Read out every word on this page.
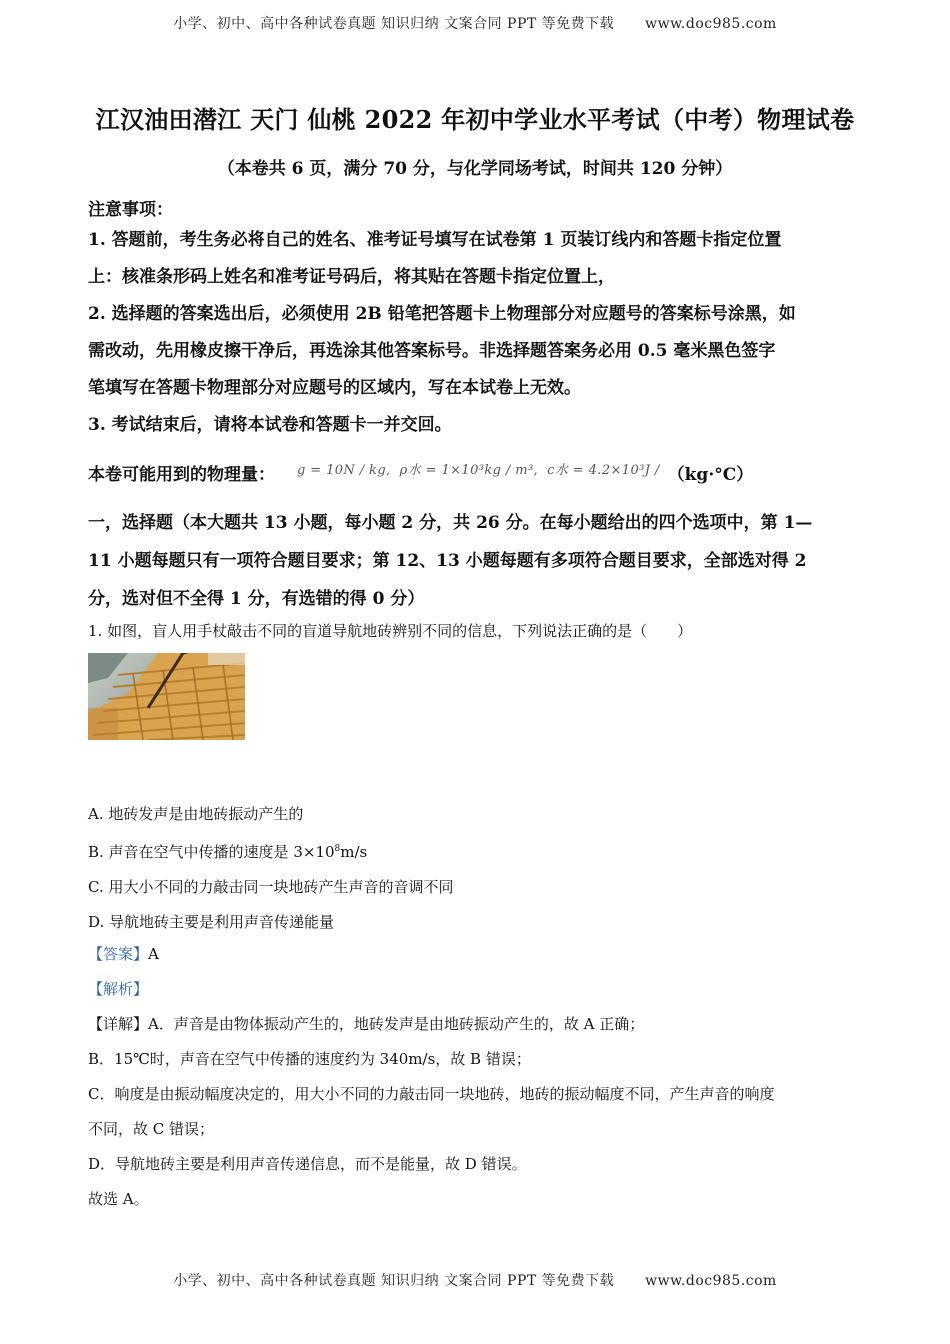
小学、初中、高中各种试卷真题 知识归纳 文案合同 PPT 等免费下载 www.doc985.com
江汉油田潜江 天门 仙桃 2022 年初中学业水平考试（中考）物理试卷
（本卷共 6 页，满分 70 分，与化学同场考试，时间共 120 分钟）
注意事项：

1. 答题前，考生务必将自己的姓名、准考证号填写在试卷第 1 页装订线内和答题卡指定位置

上：核准条形码上姓名和准考证号码后，将其贴在答题卡指定位置上，

2. 选择题的答案选出后，必须使用 2B 铅笔把答题卡上物理部分对应题号的答案标号涂黑，如

需改动，先用橡皮擦干净后，再选涂其他答案标号。非选择题答案务必用 0.5 毫米黑色签字

笔填写在答题卡物理部分对应题号的区域内，写在本试卷上无效。

3. 考试结束后，请将本试卷和答题卡一并交回。

本卷可能用到的物理量： g = 10N / kg, ρ水 = 1×10³kg / m³, c水 = 4.2×10³J / （kg·°C）

一，选择题（本大题共 13 小题，每小题 2 分，共 26 分。在每小题给出的四个选项中，第 1—

11 小题每题只有一项符合题目要求；第 12、13 小题每题有多项符合题目要求，全部选对得 2

分，选对但不全得 1 分，有选错的得 0 分）

1. 如图，盲人用手杖敲击不同的盲道导航地砖辨别不同的信息，下列说法正确的是（　　）

A. 地砖发声是由地砖振动产生的

B. 声音在空气中传播的速度是 $3\times 10^8m/s$

C. 用大小不同的力敲击同一块地砖产生声音的音调不同

D. 导航地砖主要是利用声音传递能量

【答案】A

【解析】

【详解】A．声音是由物体振动产生的，地砖发声是由地砖振动产生的，故 A 正确；

B．15℃时，声音在空气中传播的速度约为 340m/s，故 B 错误；

C．响度是由振动幅度决定的，用大小不同的力敲击同一块地砖，地砖的振动幅度不同，产生声音的响度

不同，故 C 错误；

D．导航地砖主要是利用声音传递信息，而不是能量，故 D 错误。

故选 A。

小学、初中、高中各种试卷真题 知识归纳 文案合同 PPT 等免费下载 www.doc985.com
